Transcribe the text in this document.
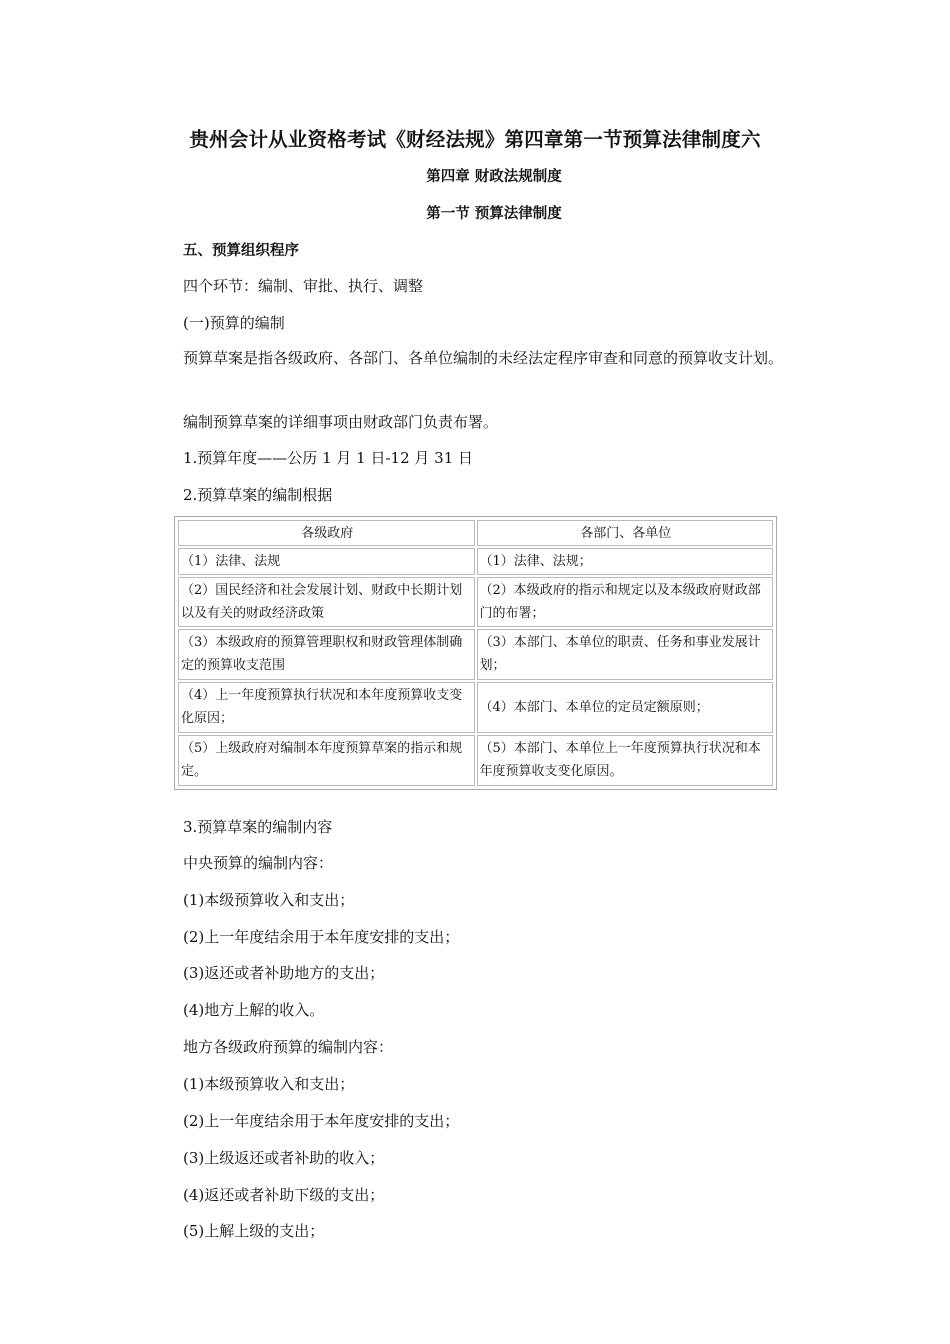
贵州会计从业资格考试《财经法规》第四章第一节预算法律制度六
第四章 财政法规制度
第一节 预算法律制度
五、预算组织程序
四个环节：编制、审批、执行、调整
(一)预算的编制
预算草案是指各级政府、各部门、各单位编制的未经法定程序审查和同意的预算收支计划。
编制预算草案的详细事项由财政部门负责布署。
1.预算年度——公历 1 月 1 日-12 月 31 日
2.预算草案的编制根据
各级政府	各部门、各单位
（1）法律、法规	（1）法律、法规；
（2）国民经济和社会发展计划、财政中长期计划以及有关的财政经济政策
（2）本级政府的指示和规定以及本级政府财政部门的布署；
（3）本级政府的预算管理职权和财政管理体制确定的预算收支范围
（3）本部门、本单位的职责、任务和事业发展计划；
（4）上一年度预算执行状况和本年度预算收支变化原因；
（4）本部门、本单位的定员定额原则；
（5）上级政府对编制本年度预算草案的指示和规定。
（5）本部门、本单位上一年度预算执行状况和本年度预算收支变化原因。
3.预算草案的编制内容
中央预算的编制内容：
(1)本级预算收入和支出；
(2)上一年度结余用于本年度安排的支出；
(3)返还或者补助地方的支出；
(4)地方上解的收入。
地方各级政府预算的编制内容：
(1)本级预算收入和支出；
(2)上一年度结余用于本年度安排的支出；
(3)上级返还或者补助的收入；
(4)返还或者补助下级的支出；
(5)上解上级的支出；
